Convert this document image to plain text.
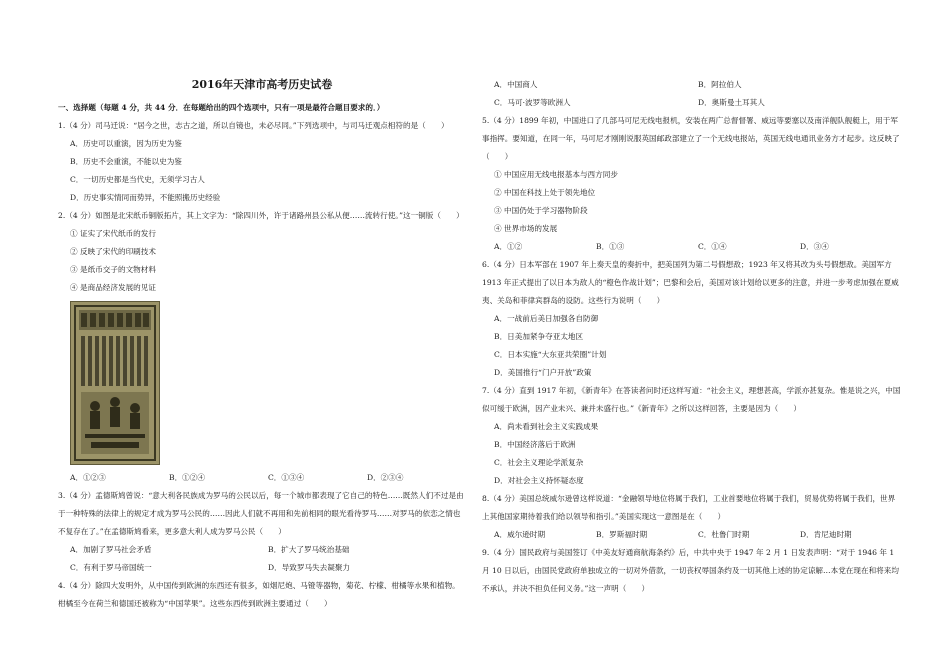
2016年天津市高考历史试卷
一、选择题（每题 4 分，共 44 分．在每题给出的四个选项中，只有一项是最符合题目要求的．）

1.（4 分）司马迁说：“居今之世，志古之道，所以自镜也，未必尽同。”下列选项中，与司马迁观点相符的是（　　）

A．历史可以重演，因为历史为鉴
B．历史不会重演，不能以史为鉴
C．一切历史都是当代史，无须学习古人
D．历史事实情同而势异，不能照搬历史经验

2.（4 分）如图是北宋纸币铜版拓片，其上文字为：“除四川外，许于诸路州县公私从便……流转行使。”这一铜版（　　）

① 证实了宋代纸币的发行
② 反映了宋代的印刷技术
③ 是纸币交子的文物材料
④ 是商品经济发展的见证
A．①②③	B．①②④	C．①③④	D．②③④

3.（4 分）孟德斯鸠曾说：“意大利各民族成为罗马的公民以后，每一个城市都表现了它自己的特色……既然人们不过是由于一种特殊的法律上的规定才成为罗马公民的……因此人们就不再用和先前相同的眼光看待罗马……对罗马的依恋之情也不复存在了。”在孟德斯鸠看来，更多意大利人成为罗马公民（　　）

A．加剧了罗马社会矛盾	B．扩大了罗马统治基础
C．有利于罗马帝国统一	D．导致罗马失去凝聚力

4.（4 分）除四大发明外，从中国传到欧洲的东西还有很多，如烟尼炮、马镫等器物，菊花、柠檬、柑橘等水果和植物。柑橘至今在荷兰和德国还被称为“中国苹果”。这些东西传到欧洲主要通过（　　）

A．中国商人	B．阿拉伯人
C．马可·波罗等欧洲人	D．奥斯曼土耳其人

5.（4 分）1899 年初，中国进口了几部马可尼无线电报机，安装在两广总督督署、威远等要塞以及南洋舰队舰艇上，用于军事指挥。要知道，在同一年，马可尼才刚刚说服英国邮政部建立了一个无线电报站，英国无线电通讯业务方才起步。这反映了（　　）

① 中国应用无线电报基本与西方同步
② 中国在科技上处于领先地位
③ 中国仍处于学习器物阶段
④ 世界市场的发展
A．①②	B．①③	C．①④	D．③④

6.（4 分）日本军部在 1907 年上奏天皇的奏折中，把美国列为第二号假想敌；1923 年又将其改为头号假想敌。美国军方 1913 年正式提出了以日本为敌人的“橙色作战计划”；巴黎和会后，美国对该计划给以更多的注意，并进一步考虑加强在夏威夷、关岛和菲律宾群岛的设防。这些行为说明（　　）

A．一战前后美日加强各自防御
B．日美加紧争夺亚太地区
C．日本实施“大东亚共荣圈”计划
D．美国推行“门户开放”政策

7.（4 分）直到 1917 年初，《新青年》在答读者问时还这样写道：“社会主义，理想甚高，学派亦甚复杂。惟是说之兴，中国似可缓于欧洲，因产业未兴、兼并未盛行也。”《新青年》之所以这样回答，主要是因为（　　）

A．尚未看到社会主义实践成果
B．中国经济落后于欧洲
C．社会主义理论学派复杂
D．对社会主义持怀疑态度

8.（4 分）美国总统威尔逊曾这样说道：“金融领导地位将属于我们，工业首要地位将属于我们，贸易优势将属于我们，世界上其他国家期待着我们给以领导和指引。”美国实现这一意图是在（　　）

A．威尔逊时期	B．罗斯福时期	C．杜鲁门时期	D．肯尼迪时期

9.（4 分）国民政府与美国签订《中美友好通商航海条约》后，中共中央于 1947 年 2 月 1 日发表声明：“对于 1946 年 1 月 10 日以后，由国民党政府单独成立的一切对外借款，一切丧权辱国条约及一切其他上述的协定谅解…本党在现在和将来均不承认，并决不担负任何义务。”这一声明（　　）
